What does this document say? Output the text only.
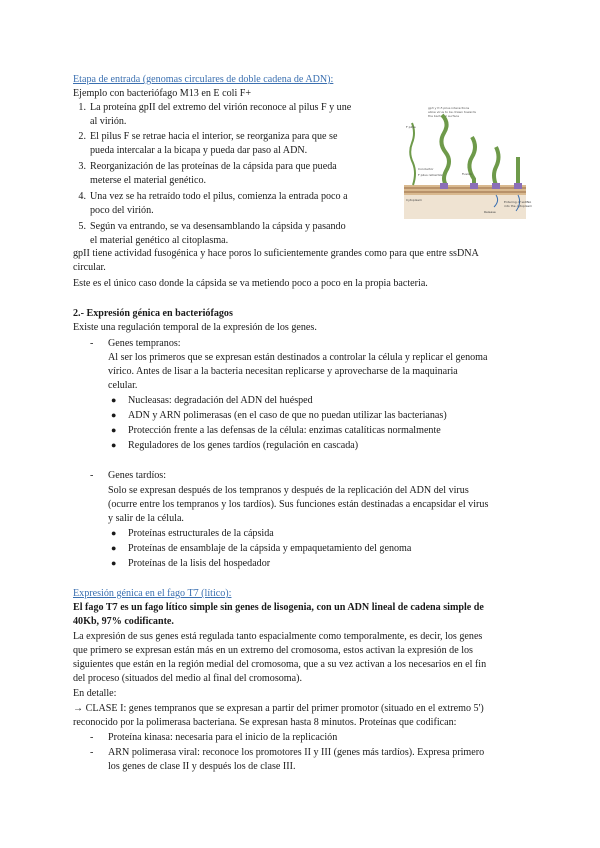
Etapa de entrada (genomas circulares de doble cadena de ADN):

Ejemplo con bacteriófago M13 en E coli F+

1. La proteína gpII del extremo del virión reconoce al pilus F y une

al virión.

2. El pilus F se retrae hacia el interior, se reorganiza para que se

pueda intercalar a la bicapa y pueda dar paso al ADN.

3. Reorganización de las proteínas de la cápsida para que pueda

meterse el material genético.

4. Una vez se ha retraído todo el pilus, comienza la entrada poco a

poco del virión.

5. Según va entrando, se va desensamblando la cápsida y pasando

el material genético al citoplasma.

gp3 y fr-F-pilus interactions
allow virus to be drawn towards
the bacterial surface
F pilus
Conductor
F pilus retraction	Fusion
Cytoplasm
Release
Entering of ssDNA
into the cytoplasm

gpII tiene actividad fusogénica y hace poros lo suficientemente grandes como para que entre ssDNA

circular.

Este es el único caso donde la cápsida se va metiendo poco a poco en la propia bacteria.

2.- Expresión génica en bacteriófagos

Existe una regulación temporal de la expresión de los genes.

- Genes tempranos:

Al ser los primeros que se expresan están destinados a controlar la célula y replicar el genoma

vírico. Antes de lisar a la bacteria necesitan replicarse y aprovecharse de la maquinaria

celular.

● Nucleasas: degradación del ADN del huésped
● ADN y ARN polimerasas (en el caso de que no puedan utilizar las bacterianas)
● Protección frente a las defensas de la célula: enzimas catalíticas normalmente
● Reguladores de los genes tardíos (regulación en cascada)
- Genes tardíos:

Solo se expresan después de los tempranos y después de la replicación del ADN del virus

(ocurre entre los tempranos y los tardíos). Sus funciones están destinadas a encapsidar el virus

y salir de la célula.

● Proteínas estructurales de la cápsida
● Proteínas de ensamblaje de la cápsida y empaquetamiento del genoma
● Proteínas de la lisis del hospedador

Expresión génica en el fago T7 (lítico):

El fago T7 es un fago lítico simple sin genes de lisogenia, con un ADN lineal de cadena simple de

40Kb, 97% codificante.

La expresión de sus genes está regulada tanto espacialmente como temporalmente, es decir, los genes

que primero se expresan están más en un extremo del cromosoma, estos activan la expresión de los

siguientes que están en la región medial del cromosoma, que a su vez activan a los necesarios en el fin

del proceso (situados del medio al final del cromosoma).

En detalle:

→ CLASE I: genes tempranos que se expresan a partir del primer promotor (situado en el extremo 5')

reconocido por la polimerasa bacteriana. Se expresan hasta 8 minutos. Proteínas que codifican:

- Proteína kinasa: necesaria para el inicio de la replicación

- ARN polimerasa viral: reconoce los promotores II y III (genes más tardíos). Expresa primero

los genes de clase II y después los de clase III.
